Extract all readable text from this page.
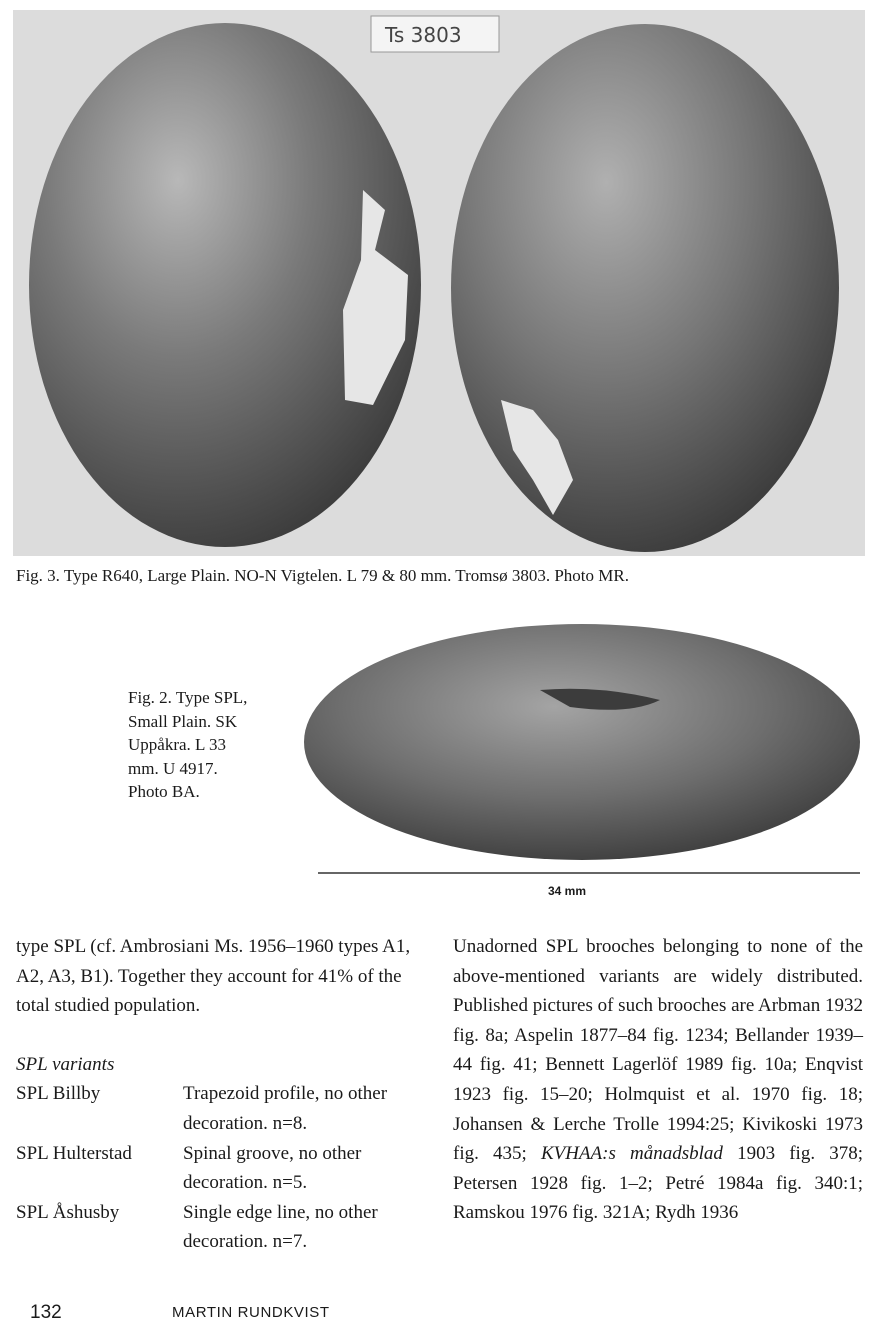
Ts 3803
Fig. 3. Type R640, Large Plain. NO-N Vigtelen. L 79 & 80 mm. Tromsø 3803. Photo MR.
Fig. 2. Type SPL,
Small Plain. SK
Uppåkra. L 33
mm. U 4917.
Photo BA.
34 mm

type SPL (cf. Ambrosiani Ms. 1956–1960 types A1, A2, A3, B1). Together they account for 41% of the total studied population.

SPL variants
SPL Billby	Trapezoid profile, no other decoration. n=8.
SPL Hulterstad	Spinal groove, no other decoration. n=5.
SPL Åshusby	Single edge line, no other decoration. n=7.

Unadorned SPL brooches belonging to none of the above-mentioned variants are widely distributed. Published pictures of such brooches are Arbman 1932 fig. 8a; Aspelin 1877–84 fig. 1234; Bellander 1939–44 fig. 41; Bennett Lagerlöf 1989 fig. 10a; Enqvist 1923 fig. 15–20; Holmquist et al. 1970 fig. 18; Johansen & Lerche Trolle 1994:25; Kivikoski 1973 fig. 435; KVHAA:s månadsblad 1903 fig. 378; Petersen 1928 fig. 1–2; Petré 1984a fig. 340:1; Ramskou 1976 fig. 321A; Rydh 1936

132	MARTIN RUNDKVIST
